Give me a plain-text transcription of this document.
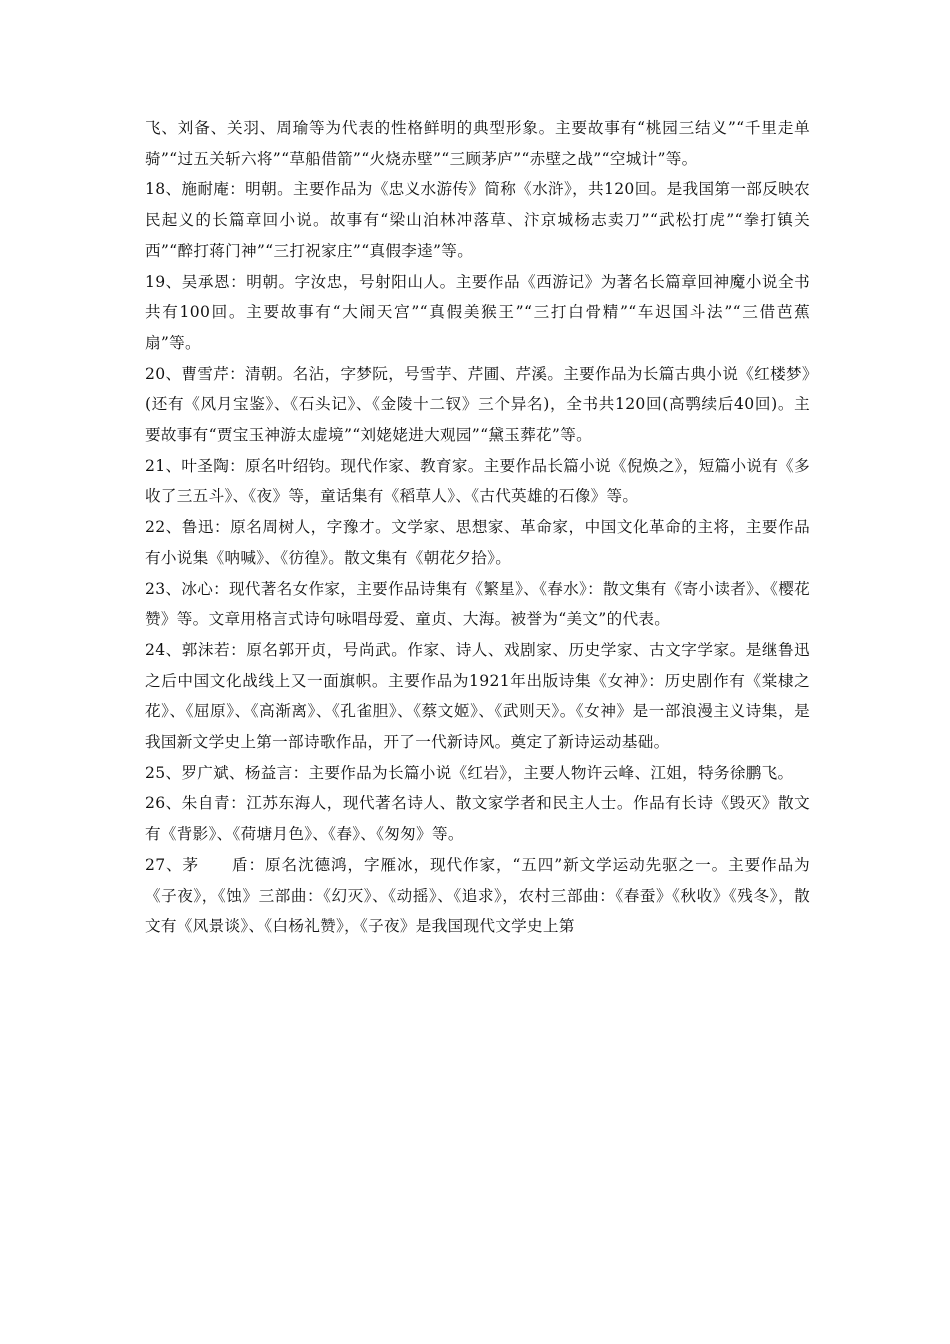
飞、刘备、关羽、周瑜等为代表的性格鲜明的典型形象。主要故事有“桃园三结义”“千里走单骑”“过五关斩六将”“草船借箭”“火烧赤壁”“三顾茅庐”“赤壁之战”“空城计”等。

18、施耐庵：明朝。主要作品为《忠义水游传》简称《水浒》，共120回。是我国第一部反映农民起义的长篇章回小说。故事有“梁山泊林冲落草、汴京城杨志卖刀”“武松打虎”“拳打镇关西”“醉打蒋门神”“三打祝家庄”“真假李逵”等。

19、吴承恩：明朝。字汝忠，号射阳山人。主要作品《西游记》为著名长篇章回神魔小说全书共有100回。主要故事有“大闹天宫”“真假美猴王”“三打白骨精”“车迟国斗法”“三借芭蕉扇”等。

20、曹雪芹：清朝。名沾，字梦阮，号雪芋、芹圃、芹溪。主要作品为长篇古典小说《红楼梦》(还有《风月宝鉴》、《石头记》、《金陵十二钗》三个异名)，全书共120回(高鹗续后40回)。主要故事有“贾宝玉神游太虚境”“刘姥姥进大观园”“黛玉葬花”等。

21、叶圣陶：原名叶绍钧。现代作家、教育家。主要作品长篇小说《倪焕之》，短篇小说有《多收了三五斗》、《夜》等，童话集有《稻草人》、《古代英雄的石像》等。

22、鲁迅：原名周树人，字豫才。文学家、思想家、革命家，中国文化革命的主将，主要作品有小说集《呐喊》、《彷徨》。散文集有《朝花夕拾》。

23、冰心：现代著名女作家，主要作品诗集有《繁星》、《春水》：散文集有《寄小读者》、《樱花赞》等。文章用格言式诗句咏唱母爱、童贞、大海。被誉为“美文”的代表。

24、郭沫若：原名郭开贞，号尚武。作家、诗人、戏剧家、历史学家、古文字学家。是继鲁迅之后中国文化战线上又一面旗帜。主要作品为1921年出版诗集《女神》：历史剧作有《棠棣之花》、《屈原》、《高渐离》、《孔雀胆》、《蔡文姬》、《武则天》。《女神》是一部浪漫主义诗集，是我国新文学史上第一部诗歌作品，开了一代新诗风。奠定了新诗运动基础。

25、罗广斌、杨益言：主要作品为长篇小说《红岩》，主要人物许云峰、江姐，特务徐鹏飞。

26、朱自青：江苏东海人，现代著名诗人、散文家学者和民主人士。作品有长诗《毁灭》散文有《背影》、《荷塘月色》、《春》、《匆匆》等。

27、茅　　盾：原名沈德鸿，字雁冰，现代作家，“五四”新文学运动先驱之一。主要作品为《子夜》，《蚀》三部曲：《幻灭》、《动摇》、《追求》，农村三部曲：《春蚕》《秋收》《残冬》，散文有《风景谈》、《白杨礼赞》，《子夜》是我国现代文学史上第
